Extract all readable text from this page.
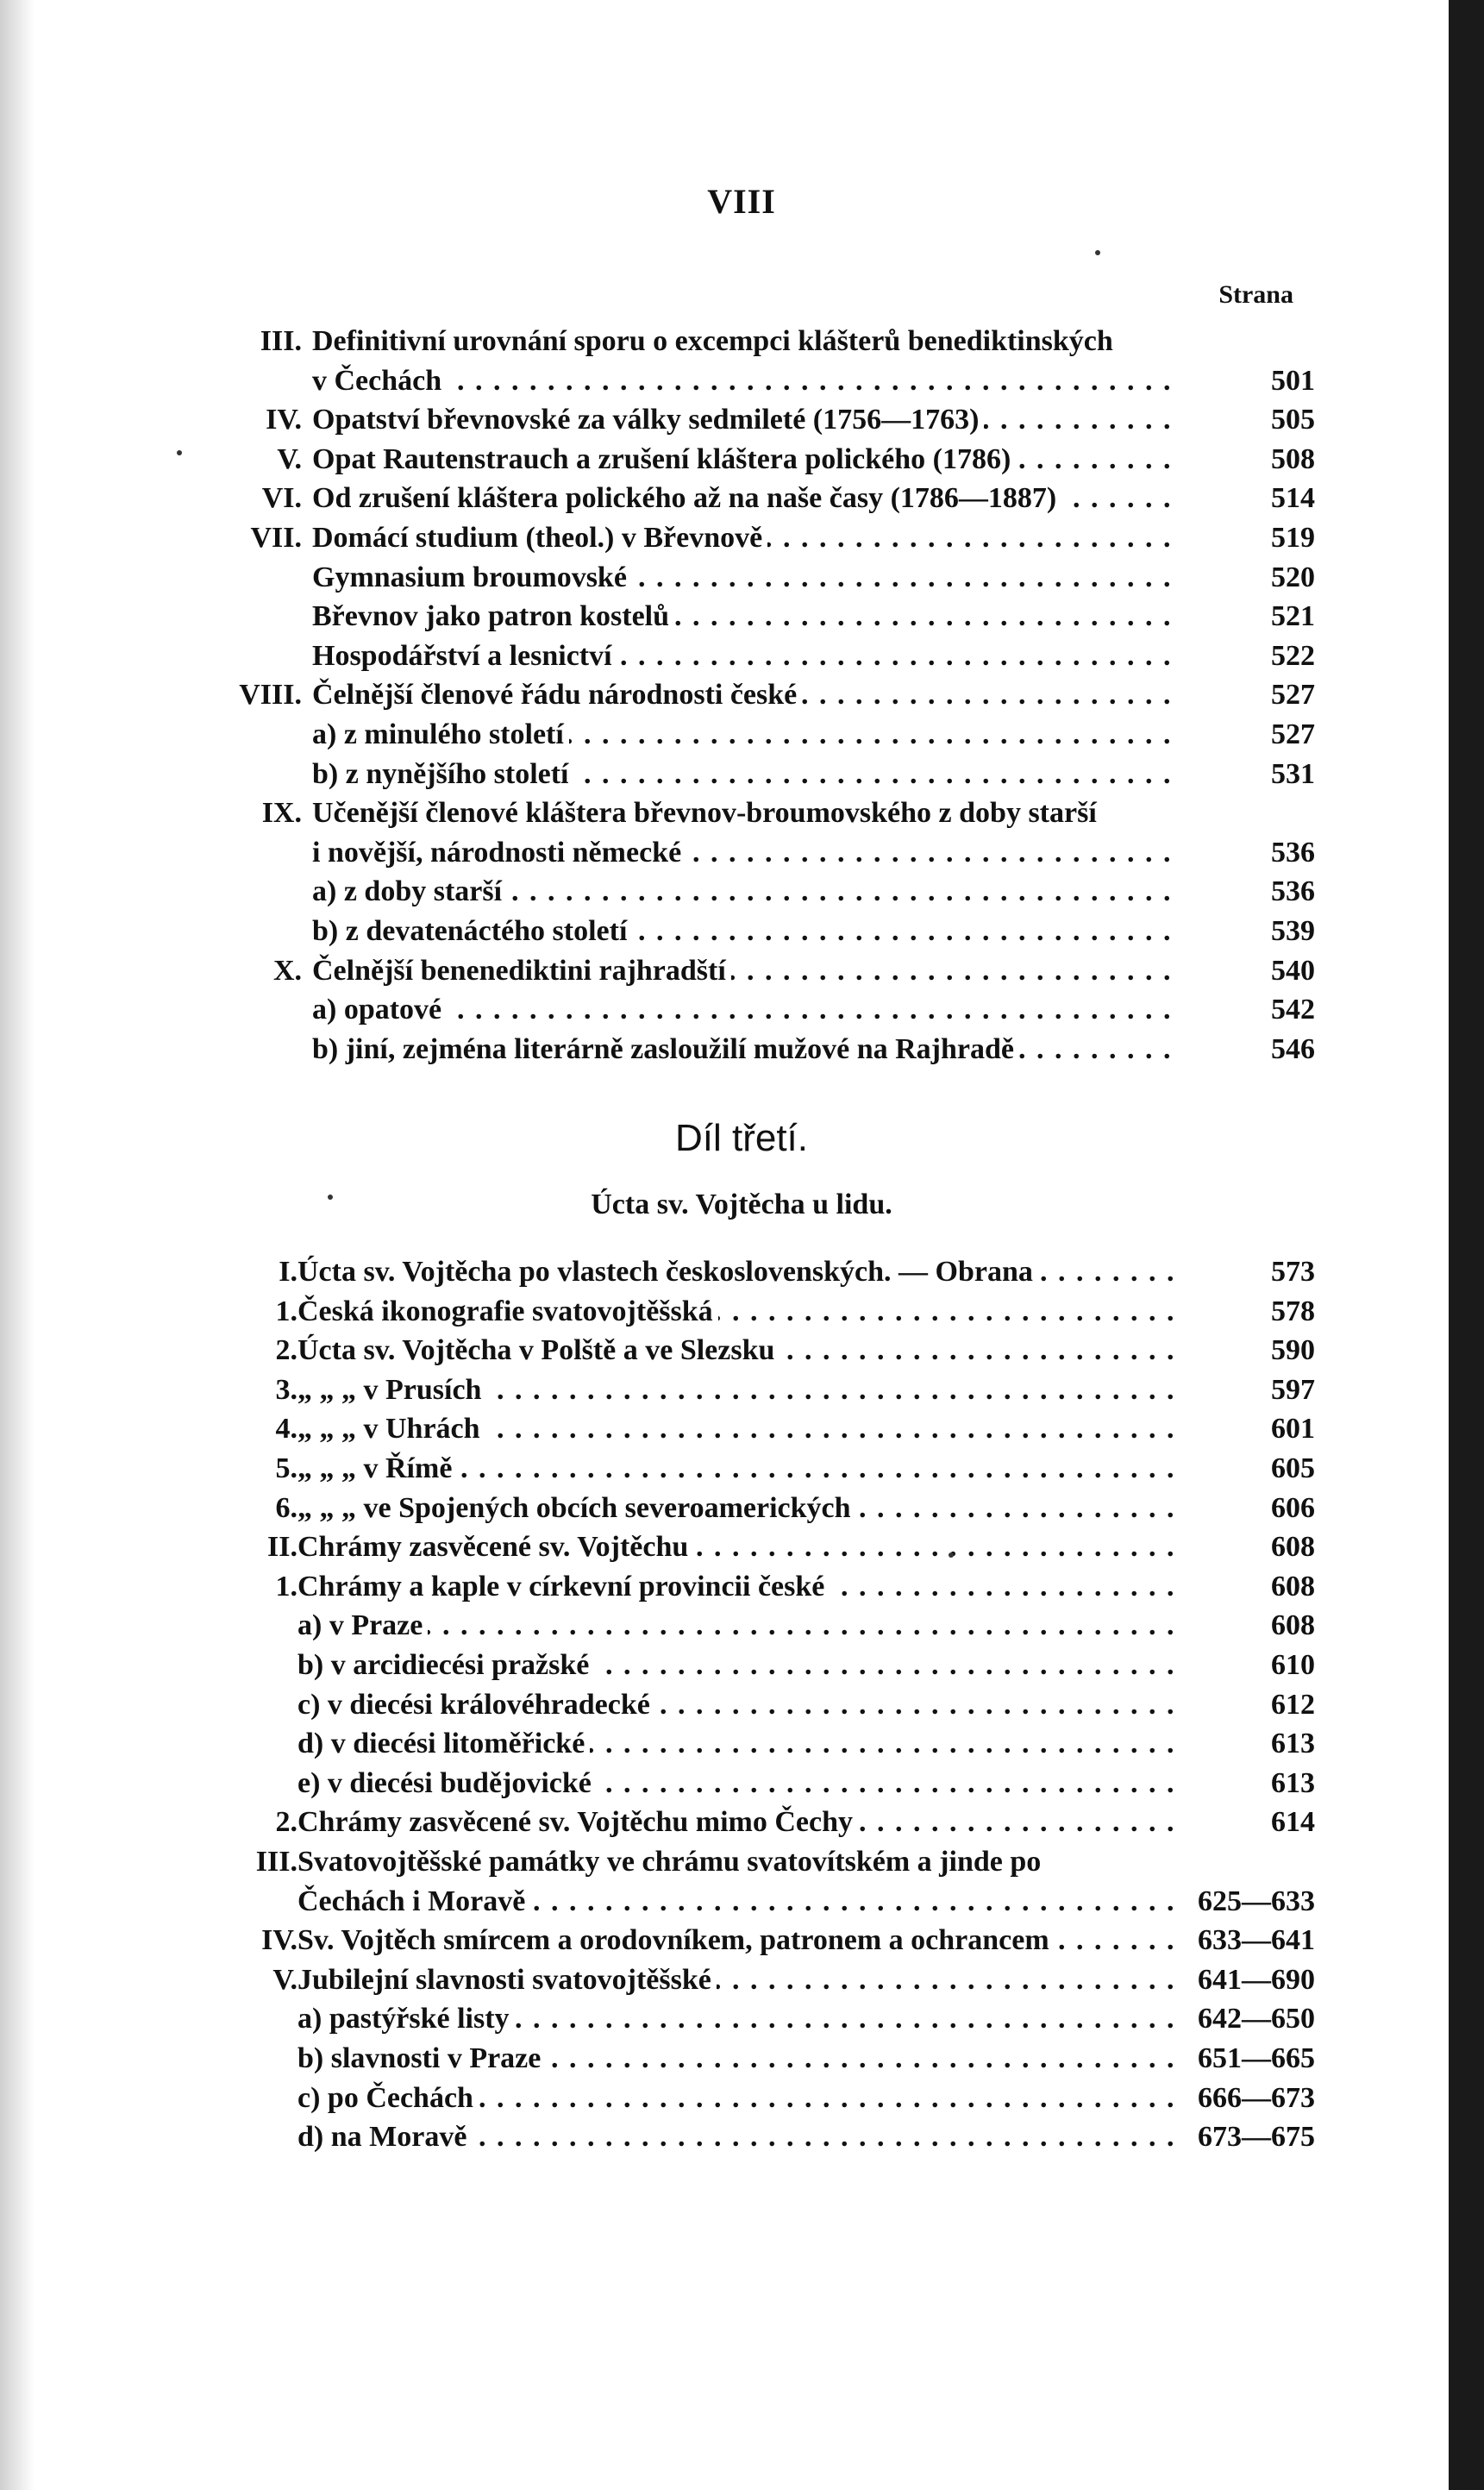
VIII
Strana
III. Definitivní urovnání sporu o excempci klášterů benediktinských
v Čechách . . .	501
IV. Opatství břevnovské za války sedmileté (1756—1763) . . .	505
V. Opat Rautenstrauch a zrušení kláštera polického (1786) . . .	508
VI. Od zrušení kláštera polického až na naše časy (1786—1887) . . .	514
VII. Domácí studium (theol.) v Břevnově . . .	519
Gymnasium broumovské . . .	520
Břevnov jako patron kostelů . . .	521
Hospodářství a lesnictví . . .	522
VIII. Čelnější členové řádu národnosti české . . .	527
a) z minulého století . . .	527
b) z nynějšího století . . .	531
IX. Učenější členové kláštera břevnov-broumovského z doby starší
i novější, národnosti německé . . .	536
a) z doby starší . . .	536
b) z devatenáctého století . . .	539
X. Čelnější benenediktini rajhradští . . .	540
a) opatové . . .	542
b) jiní, zejména literárně zasloužilí mužové na Rajhradě . . .	546
Díl třetí.
Úcta sv. Vojtěcha u lidu.
I. Úcta sv. Vojtěcha po vlastech československých. — Obrana . . .	573
1. Česká ikonografie svatovojtěšská . . .	578
2. Úcta sv. Vojtěcha v Polště a ve Slezsku . . .	590
3. „ „ „ v Prusích . . .	597
4. „ „ „ v Uhrách . . .	601
5. „ „ „ v Římě . . .	605
6. „ „ „ ve Spojených obcích severoamerických . . .	606
II. Chrámy zasvěcené sv. Vojtěchu . . .	608
1. Chrámy a kaple v církevní provincii české . . .	608
a) v Praze . . .	608
b) v arcidiecési pražské . . .	610
c) v diecési královéhradecké . . .	612
d) v diecési litoměřické . . .	613
e) v diecési budějovické . . .	613
2. Chrámy zasvěcené sv. Vojtěchu mimo Čechy . . .	614
III. Svatovojtěšské památky ve chrámu svatovítském a jinde po
Čechách i Moravě . . .	625—633
IV. Sv. Vojtěch smírcem a orodovníkem, patronem a ochrancem . . .	633—641
V. Jubilejní slavnosti svatovojtěšské . . .	641—690
a) pastýřské listy . . .	642—650
b) slavnosti v Praze . . .	651—665
c) po Čechách . . .	666—673
d) na Moravě . . .	673—675
